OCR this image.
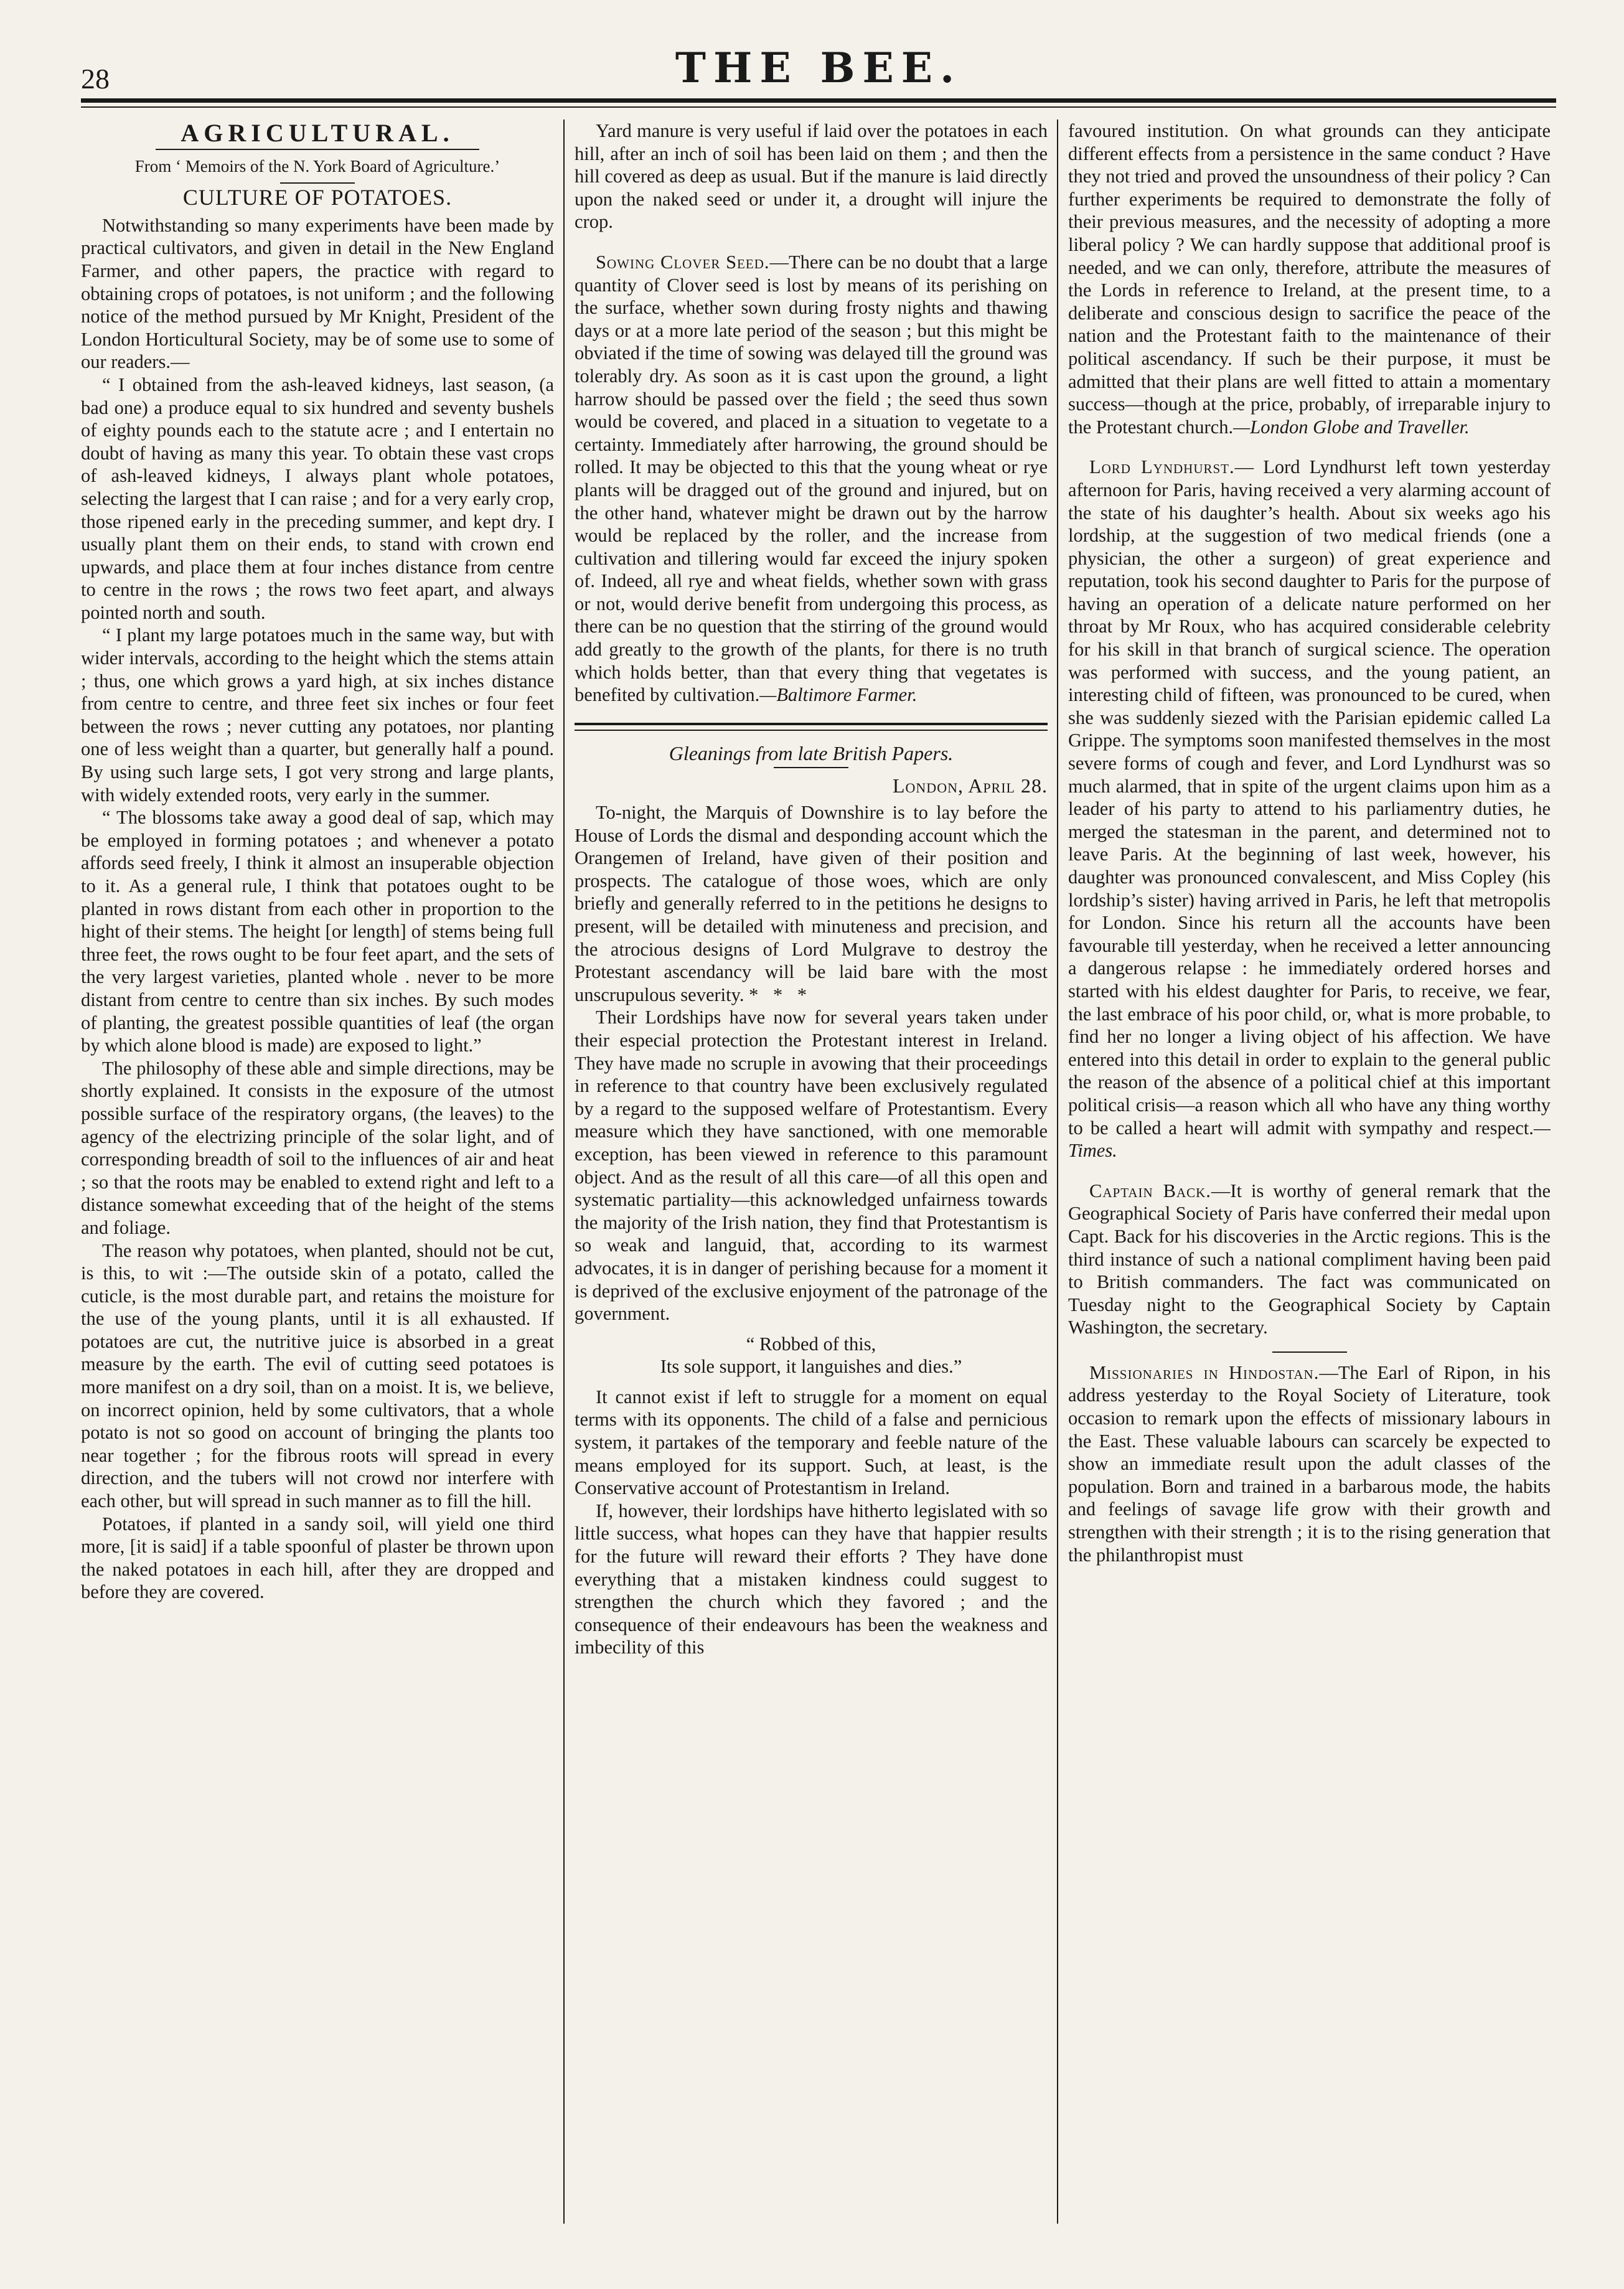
28	THE BEE.
AGRICULTURAL.
From ‘ Memoirs of the N. York Board of Agriculture.’
CULTURE OF POTATOES.

Notwithstanding so many experiments have been made by practical cultivators, and given in detail in the New England Farmer, and other papers, the practice with regard to obtaining crops of potatoes, is not uniform ; and the following notice of the method pursued by Mr Knight, President of the London Horticultural Society, may be of some use to some of our readers.—

“ I obtained from the ash-leaved kidneys, last season, (a bad one) a produce equal to six hundred and seventy bushels of eighty pounds each to the statute acre ; and I entertain no doubt of having as many this year. To obtain these vast crops of ash-leaved kidneys, I always plant whole potatoes, selecting the largest that I can raise ; and for a very early crop, those ripened early in the preceding summer, and kept dry. I usually plant them on their ends, to stand with crown end upwards, and place them at four inches distance from centre to centre in the rows ; the rows two feet apart, and always pointed north and south.

“ I plant my large potatoes much in the same way, but with wider intervals, according to the height which the stems attain ; thus, one which grows a yard high, at six inches distance from centre to centre, and three feet six inches or four feet between the rows ; never cutting any potatoes, nor planting one of less weight than a quarter, but generally half a pound. By using such large sets, I got very strong and large plants, with widely extended roots, very early in the summer.

“ The blossoms take away a good deal of sap, which may be employed in forming potatoes ; and whenever a potato affords seed freely, I think it almost an insuperable objection to it. As a general rule, I think that potatoes ought to be planted in rows distant from each other in proportion to the hight of their stems. The height [or length] of stems being full three feet, the rows ought to be four feet apart, and the sets of the very largest varieties, planted whole . never to be more distant from centre to centre than six inches. By such modes of planting, the greatest possible quantities of leaf (the organ by which alone blood is made) are exposed to light.”

The philosophy of these able and simple directions, may be shortly explained. It consists in the exposure of the utmost possible surface of the respiratory organs, (the leaves) to the agency of the electrizing principle of the solar light, and of corresponding breadth of soil to the influences of air and heat ; so that the roots may be enabled to extend right and left to a distance somewhat exceeding that of the height of the stems and foliage.

The reason why potatoes, when planted, should not be cut, is this, to wit :—The outside skin of a potato, called the cuticle, is the most durable part, and retains the moisture for the use of the young plants, until it is all exhausted. If potatoes are cut, the nutritive juice is absorbed in a great measure by the earth. The evil of cutting seed potatoes is more manifest on a dry soil, than on a moist. It is, we believe, on incorrect opinion, held by some cultivators, that a whole potato is not so good on account of bringing the plants too near together ; for the fibrous roots will spread in every direction, and the tubers will not crowd nor interfere with each other, but will spread in such manner as to fill the hill.

Potatoes, if planted in a sandy soil, will yield one third more, [it is said] if a table spoonful of plaster be thrown upon the naked potatoes in each hill, after they are dropped and before they are covered.

Yard manure is very useful if laid over the potatoes in each hill, after an inch of soil has been laid on them ; and then the hill covered as deep as usual. But if the manure is laid directly upon the naked seed or under it, a drought will injure the crop.

Sowing Clover Seed.—There can be no doubt that a large quantity of Clover seed is lost by means of its perishing on the surface, whether sown during frosty nights and thawing days or at a more late period of the season ; but this might be obviated if the time of sowing was delayed till the ground was tolerably dry. As soon as it is cast upon the ground, a light harrow should be passed over the field ; the seed thus sown would be covered, and placed in a situation to vegetate to a certainty. Immediately after harrowing, the ground should be rolled. It may be objected to this that the young wheat or rye plants will be dragged out of the ground and injured, but on the other hand, whatever might be drawn out by the harrow would be replaced by the roller, and the increase from cultivation and tillering would far exceed the injury spoken of. Indeed, all rye and wheat fields, whether sown with grass or not, would derive benefit from undergoing this process, as there can be no question that the stirring of the ground would add greatly to the growth of the plants, for there is no truth which holds better, than that every thing that vegetates is benefited by cultivation.—Baltimore Farmer.

Gleanings from late British Papers.
London, April 28.

To-night, the Marquis of Downshire is to lay before the House of Lords the dismal and desponding account which the Orangemen of Ireland, have given of their position and prospects. The catalogue of those woes, which are only briefly and generally referred to in the petitions he designs to present, will be detailed with minuteness and precision, and the atrocious designs of Lord Mulgrave to destroy the Protestant ascendancy will be laid bare with the most unscrupulous severity. * * *

Their Lordships have now for several years taken under their especial protection the Protestant interest in Ireland. They have made no scruple in avowing that their proceedings in reference to that country have been exclusively regulated by a regard to the supposed welfare of Protestantism. Every measure which they have sanctioned, with one memorable exception, has been viewed in reference to this paramount object. And as the result of all this care—of all this open and systematic partiality—this acknowledged unfairness towards the majority of the Irish nation, they find that Protestantism is so weak and languid, that, according to its warmest advocates, it is in danger of perishing because for a moment it is deprived of the exclusive enjoyment of the patronage of the government.

“ Robbed of this,
Its sole support, it languishes and dies.”

It cannot exist if left to struggle for a moment on equal terms with its opponents. The child of a false and pernicious system, it partakes of the temporary and feeble nature of the means employed for its support. Such, at least, is the Conservative account of Protestantism in Ireland.

If, however, their lordships have hitherto legislated with so little success, what hopes can they have that happier results for the future will reward their efforts ? They have done everything that a mistaken kindness could suggest to strengthen the church which they favored ; and the consequence of their endeavours has been the weakness and imbecility of this

favoured institution. On what grounds can they anticipate different effects from a persistence in the same conduct ? Have they not tried and proved the unsoundness of their policy ? Can further experiments be required to demonstrate the folly of their previous measures, and the necessity of adopting a more liberal policy ? We can hardly suppose that additional proof is needed, and we can only, therefore, attribute the measures of the Lords in reference to Ireland, at the present time, to a deliberate and conscious design to sacrifice the peace of the nation and the Protestant faith to the maintenance of their political ascendancy. If such be their purpose, it must be admitted that their plans are well fitted to attain a momentary success—though at the price, probably, of irreparable injury to the Protestant church.—London Globe and Traveller.

Lord Lyndhurst.— Lord Lyndhurst left town yesterday afternoon for Paris, having received a very alarming account of the state of his daughter’s health. About six weeks ago his lordship, at the suggestion of two medical friends (one a physician, the other a surgeon) of great experience and reputation, took his second daughter to Paris for the purpose of having an operation of a delicate nature performed on her throat by Mr Roux, who has acquired considerable celebrity for his skill in that branch of surgical science. The operation was performed with success, and the young patient, an interesting child of fifteen, was pronounced to be cured, when she was suddenly siezed with the Parisian epidemic called La Grippe. The symptoms soon manifested themselves in the most severe forms of cough and fever, and Lord Lyndhurst was so much alarmed, that in spite of the urgent claims upon him as a leader of his party to attend to his parliamentry duties, he merged the statesman in the parent, and determined not to leave Paris. At the beginning of last week, however, his daughter was pronounced convalescent, and Miss Copley (his lordship’s sister) having arrived in Paris, he left that metropolis for London. Since his return all the accounts have been favourable till yesterday, when he received a letter announcing a dangerous relapse : he immediately ordered horses and started with his eldest daughter for Paris, to receive, we fear, the last embrace of his poor child, or, what is more probable, to find her no longer a living object of his affection. We have entered into this detail in order to explain to the general public the reason of the absence of a political chief at this important political crisis—a reason which all who have any thing worthy to be called a heart will admit with sympathy and respect.—Times.

Captain Back.—It is worthy of general remark that the Geographical Society of Paris have conferred their medal upon Capt. Back for his discoveries in the Arctic regions. This is the third instance of such a national compliment having been paid to British commanders. The fact was communicated on Tuesday night to the Geographical Society by Captain Washington, the secretary.

Missionaries in Hindostan.—The Earl of Ripon, in his address yesterday to the Royal Society of Literature, took occasion to remark upon the effects of missionary labours in the East. These valuable labours can scarcely be expected to show an immediate result upon the adult classes of the population. Born and trained in a barbarous mode, the habits and feelings of savage life grow with their growth and strengthen with their strength ; it is to the rising generation that the philanthropist must
